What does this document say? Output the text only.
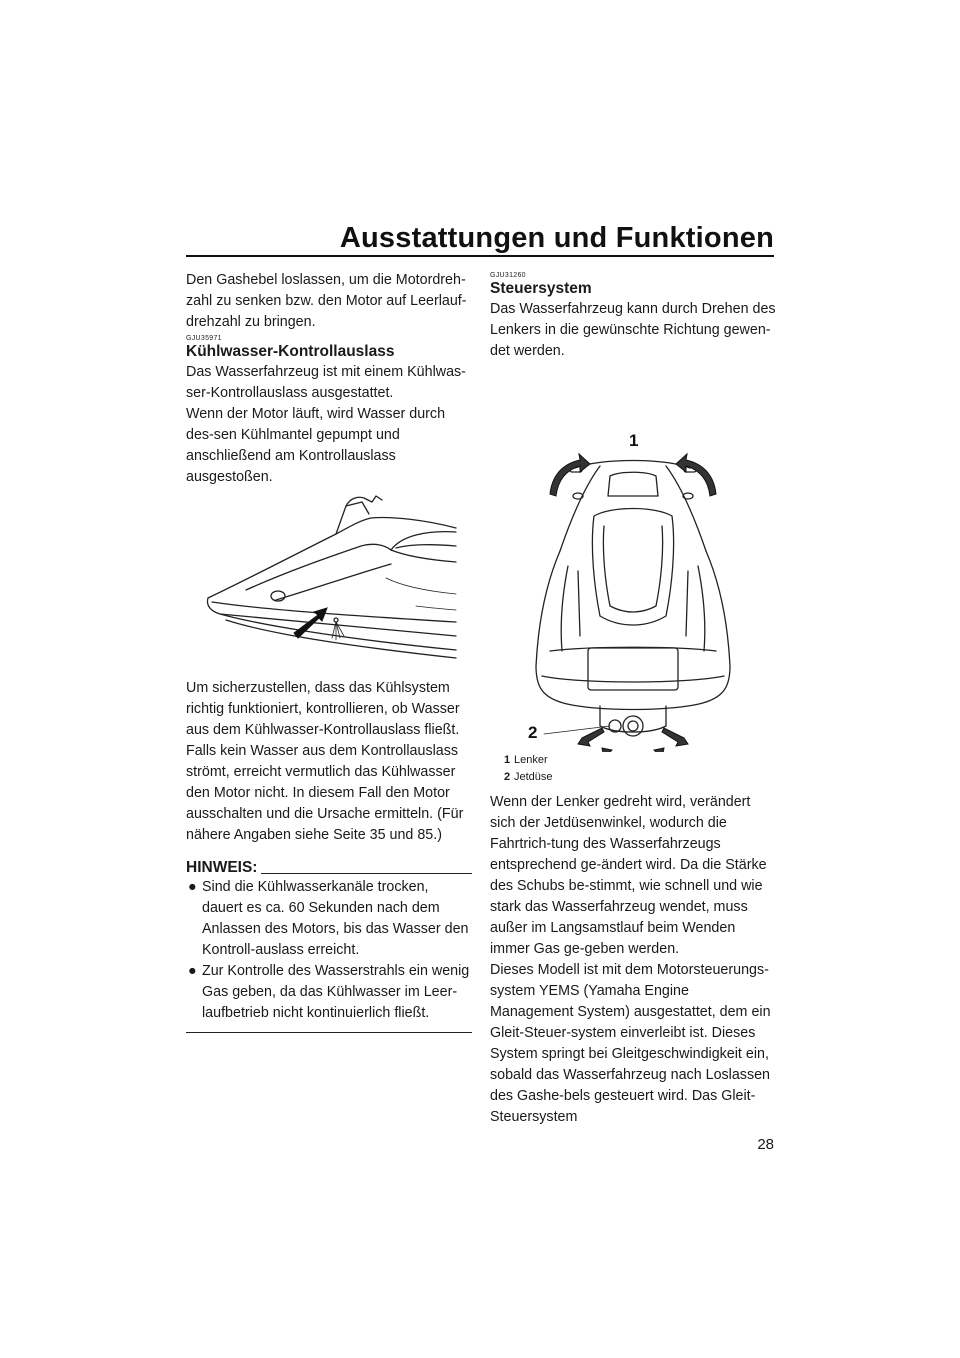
Ausstattungen und Funktionen

Den Gashebel loslassen, um die Motordreh-zahl zu senken bzw. den Motor auf Leerlauf-drehzahl zu bringen.

GJU35971
Kühlwasser-Kontrollauslass

Das Wasserfahrzeug ist mit einem Kühlwas-ser-Kontrollauslass ausgestattet.

Wenn der Motor läuft, wird Wasser durch des-sen Kühlmantel gepumpt und anschließend am Kontrollauslass ausgestoßen.

Um sicherzustellen, dass das Kühlsystem richtig funktioniert, kontrollieren, ob Wasser aus dem Kühlwasser-Kontrollauslass fließt. Falls kein Wasser aus dem Kontrollauslass strömt, erreicht vermutlich das Kühlwasser den Motor nicht. In diesem Fall den Motor ausschalten und die Ursache ermitteln. (Für nähere Angaben siehe Seite 35 und 85.)

HINWEIS:
● Sind die Kühlwasserkanäle trocken, dauert es ca. 60 Sekunden nach dem Anlassen des Motors, bis das Wasser den Kontroll-auslass erreicht.
● Zur Kontrolle des Wasserstrahls ein wenig Gas geben, da das Kühlwasser im Leer-laufbetrieb nicht kontinuierlich fließt.
GJU31260
Steuersystem

Das Wasserfahrzeug kann durch Drehen des Lenkers in die gewünschte Richtung gewen-det werden.

1
2
1 Lenker
2 Jetdüse

Wenn der Lenker gedreht wird, verändert sich der Jetdüsenwinkel, wodurch die Fahrtrich-tung des Wasserfahrzeugs entsprechend ge-ändert wird. Da die Stärke des Schubs be-stimmt, wie schnell und wie stark das Wasserfahrzeug wendet, muss außer im Langsamstlauf beim Wenden immer Gas ge-geben werden.

Dieses Modell ist mit dem Motorsteuerungs-system YEMS (Yamaha Engine Management System) ausgestattet, dem ein Gleit-Steuer-system einverleibt ist. Dieses System springt bei Gleitgeschwindigkeit ein, sobald das Wasserfahrzeug nach Loslassen des Gashe-bels gesteuert wird. Das Gleit-Steuersystem

28
